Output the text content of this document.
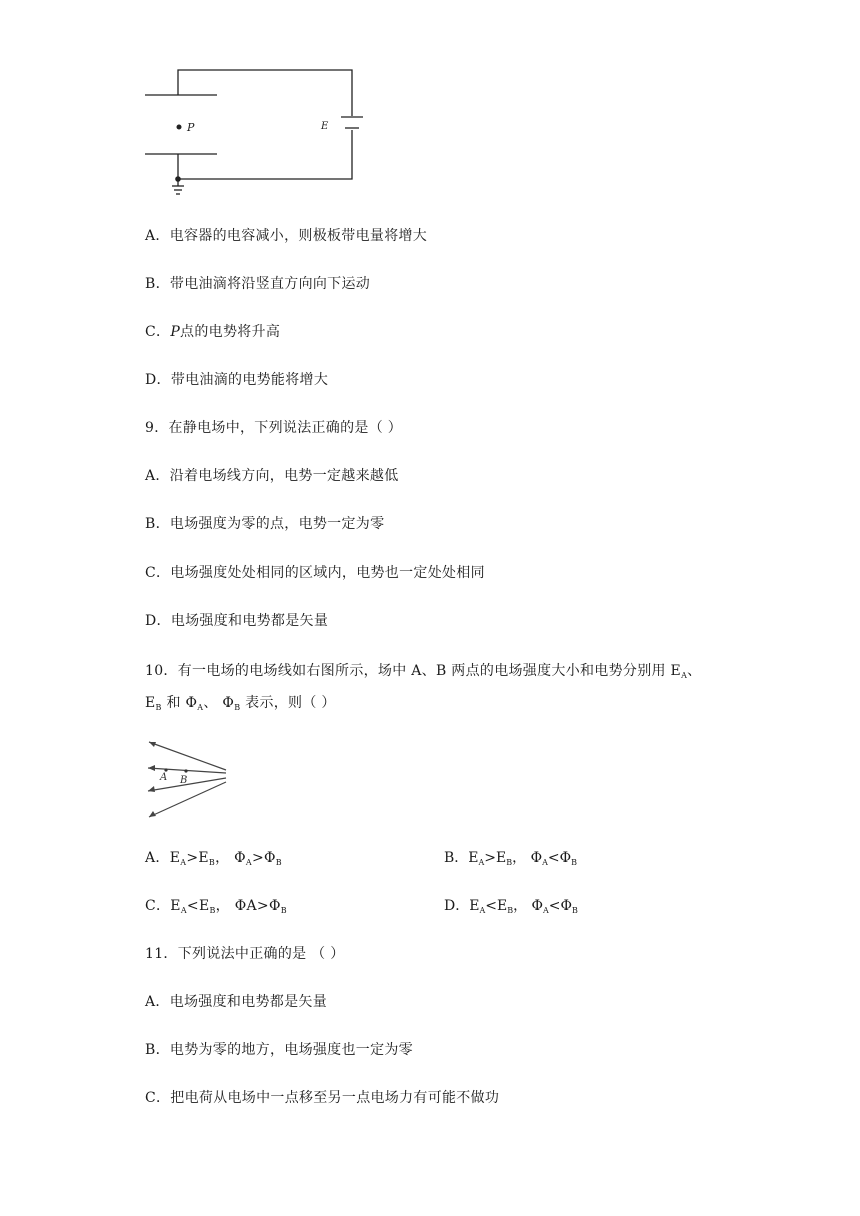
P	E
A．电容器的电容减小，则极板带电量将增大
B．带电油滴将沿竖直方向向下运动
C．P点的电势将升高
D．带电油滴的电势能将增大
9．在静电场中，下列说法正确的是（ ）
A．沿着电场线方向，电势一定越来越低
B．电场强度为零的点，电势一定为零
C．电场强度处处相同的区域内，电势也一定处处相同
D．电场强度和电势都是矢量
10．有一电场的电场线如右图所示，场中 A、B 两点的电场强度大小和电势分别用 $E_A$、
$E_B$ 和 $\Phi_A$、 $\Phi_B$ 表示，则（ ）
A B
A．$E_A>E_B$， $\Phi_A>\Phi_B$	B．$E_A>E_B$， $\Phi_A<\Phi_B$
C．$E_A<E_B$， $\Phi A>\Phi_B$	D．$E_A<E_B$， $\Phi_A<\Phi_B$
11．下列说法中正确的是 （ ）
A．电场强度和电势都是矢量
B．电势为零的地方，电场强度也一定为零
C．把电荷从电场中一点移至另一点电场力有可能不做功
